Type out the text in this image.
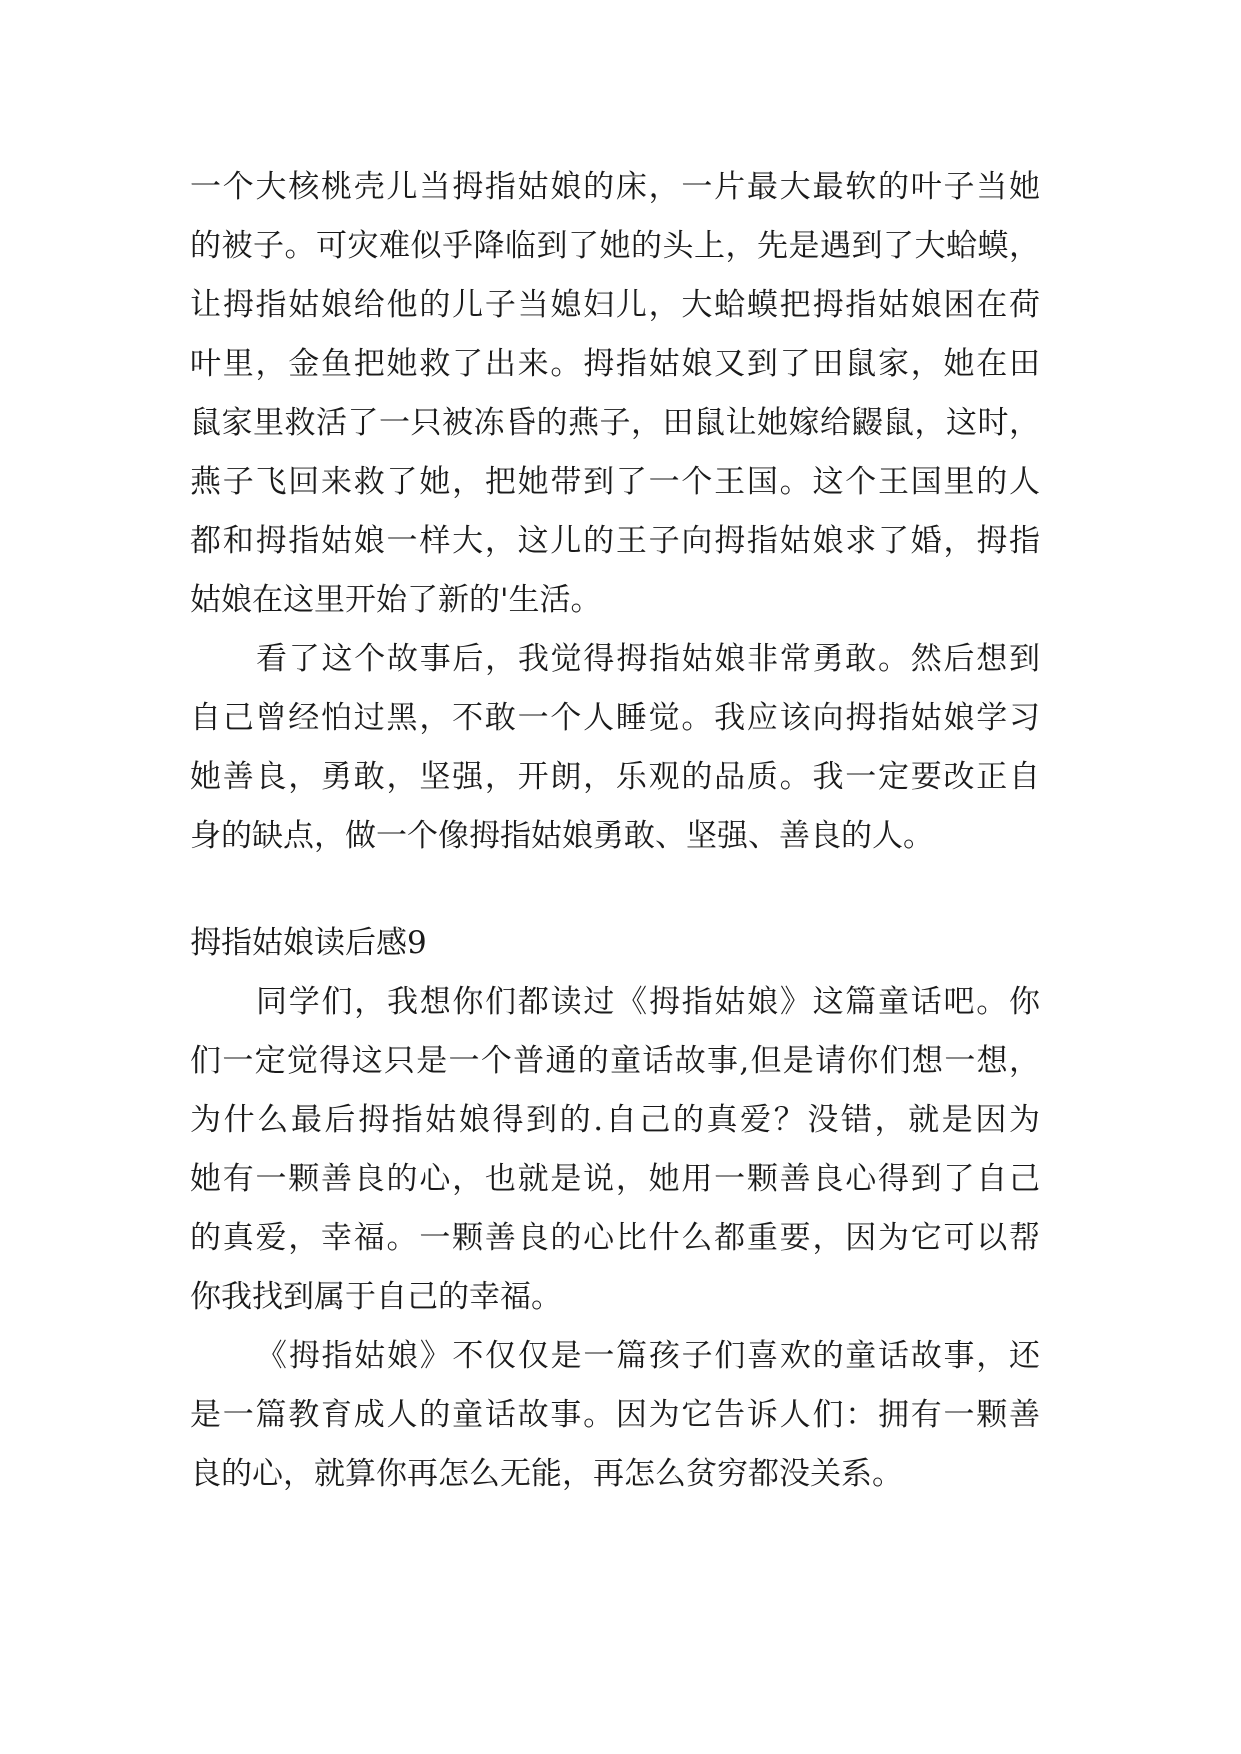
一个大核桃壳儿当拇指姑娘的床，一片最大最软的叶子当她
的被子。可灾难似乎降临到了她的头上，先是遇到了大蛤蟆，
让拇指姑娘给他的儿子当媳妇儿，大蛤蟆把拇指姑娘困在荷
叶里，金鱼把她救了出来。拇指姑娘又到了田鼠家，她在田
鼠家里救活了一只被冻昏的燕子，田鼠让她嫁给鼹鼠，这时，
燕子飞回来救了她，把她带到了一个王国。这个王国里的人
都和拇指姑娘一样大，这儿的王子向拇指姑娘求了婚，拇指
姑娘在这里开始了新的'生活。
看了这个故事后，我觉得拇指姑娘非常勇敢。然后想到
自己曾经怕过黑，不敢一个人睡觉。我应该向拇指姑娘学习
她善良，勇敢，坚强，开朗，乐观的品质。我一定要改正自
身的缺点，做一个像拇指姑娘勇敢、坚强、善良的人。
拇指姑娘读后感9
同学们，我想你们都读过《拇指姑娘》这篇童话吧。你
们一定觉得这只是一个普通的童话故事,但是请你们想一想，
为什么最后拇指姑娘得到的.自己的真爱？没错，就是因为
她有一颗善良的心，也就是说，她用一颗善良心得到了自己
的真爱，幸福。一颗善良的心比什么都重要，因为它可以帮
你我找到属于自己的幸福。
《拇指姑娘》不仅仅是一篇孩子们喜欢的童话故事，还
是一篇教育成人的童话故事。因为它告诉人们：拥有一颗善
良的心，就算你再怎么无能，再怎么贫穷都没关系。
